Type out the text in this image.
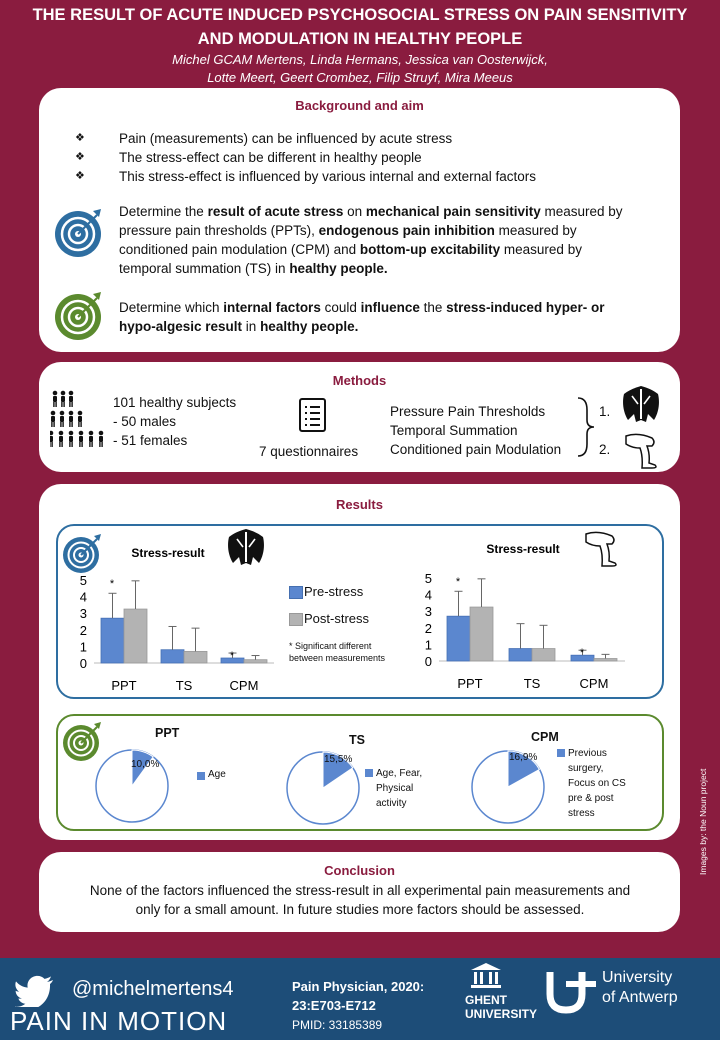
THE RESULT OF ACUTE INDUCED PSYCHOSOCIAL STRESS ON PAIN SENSITIVITY
AND MODULATION IN HEALTHY PEOPLE
Michel GCAM Mertens, Linda Hermans, Jessica van Oosterwijck,
Lotte Meert, Geert Crombez, Filip Struyf, Mira Meeus
Background and aim
❖
❖
❖
Pain (measurements) can be influenced by acute stress
The stress-effect can be different in healthy people
This stress-effect is influenced by various internal and external factors
Determine the result of acute stress on mechanical pain sensitivity measured by
pressure pain thresholds (PPTs), endogenous pain inhibition measured by
conditioned pain modulation (CPM) and bottom-up excitability measured by
temporal summation (TS) in healthy people.
Determine which internal factors could influence the stress-induced hyper- or
hypo-algesic result in healthy people.
Methods
101 healthy subjects
- 50 males
- 51 females
7 questionnaires
Pressure Pain Thresholds
Temporal Summation
Conditioned pain Modulation
1.
2.
Results
Stress-result
0
1
2
3
4
5
PPT	TS	CPM
*
*
Stress-result
0
1
2
3
4
5
PPT	TS	CPM
*
*
Pre-stress
Post-stress
* Significant different
between measurements
PPT
10,0%
Age
TS
15,5%
Age, Fear,
Physical
activity
CPM
16,9%	Previous
surgery,
Focus on CS
pre & post
stress	Images by: the Noun project
Conclusion
None of the factors influenced the stress-result in all experimental pain measurements and
only for a small amount. In future studies more factors should be assessed.
@michelmertens4
PAIN IN MOTION
Pain Physician, 2020:
23:E703-E712
PMID: 33185389
GHENT
UNIVERSITY
University
of Antwerp
